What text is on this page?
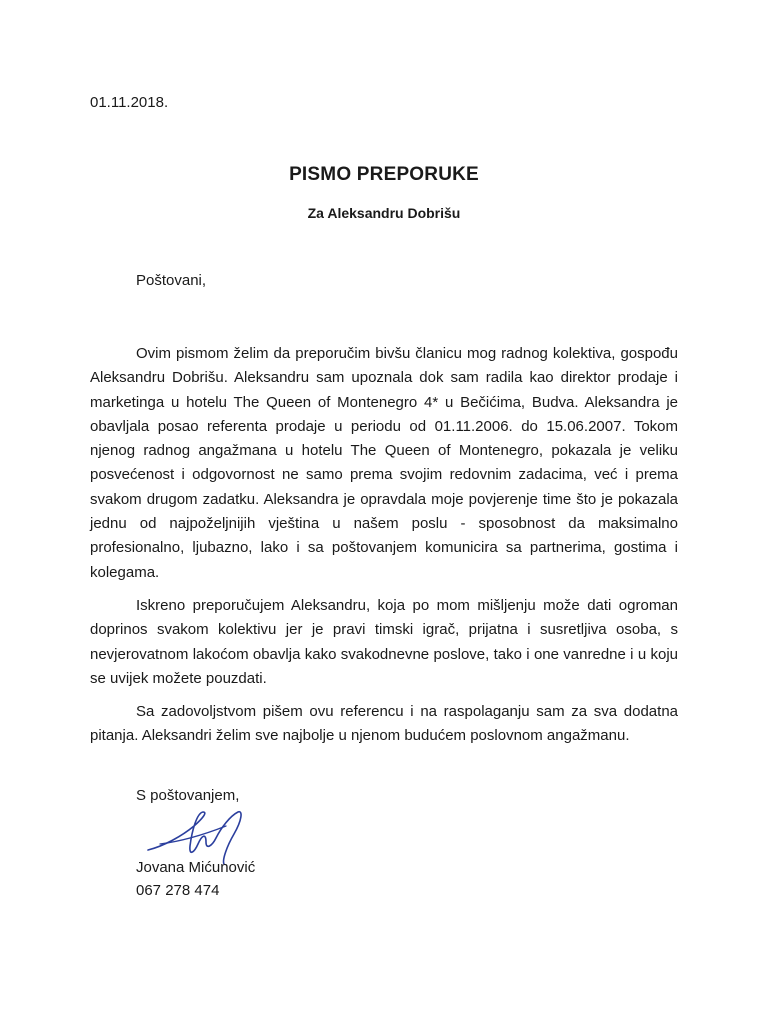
01.11.2018.
PISMO PREPORUKE
Za Aleksandru Dobrišu
Poštovani,

Ovim pismom želim da preporučim bivšu članicu mog radnog kolektiva, gospođu Aleksandru Dobrišu. Aleksandru sam upoznala dok sam radila kao direktor prodaje i marketinga u hotelu The Queen of Montenegro 4* u Bečićima, Budva. Aleksandra je obavljala posao referenta prodaje u periodu od 01.11.2006. do 15.06.2007. Tokom njenog radnog angažmana u hotelu The Queen of Montenegro, pokazala je veliku posvećenost i odgovornost ne samo prema svojim redovnim zadacima, već i prema svakom drugom zadatku. Aleksandra je opravdala moje povjerenje time što je pokazala jednu od najpoželjnijih vještina u našem poslu - sposobnost da maksimalno profesionalno, ljubazno, lako i sa poštovanjem komunicira sa partnerima, gostima i kolegama.

Iskreno preporučujem Aleksandru, koja po mom mišljenju može dati ogroman doprinos svakom kolektivu jer je pravi timski igrač, prijatna i susretljiva osoba, s nevjerovatnom lakoćom obavlja kako svakodnevne poslove, tako i one vanredne i u koju se uvijek možete pouzdati.

Sa zadovoljstvom pišem ovu referencu i na raspolaganju sam za sva dodatna pitanja. Aleksandri želim sve najbolje u njenom budućem poslovnom angažmanu.

S poštovanjem,
Jovana Mićunović
067 278 474
